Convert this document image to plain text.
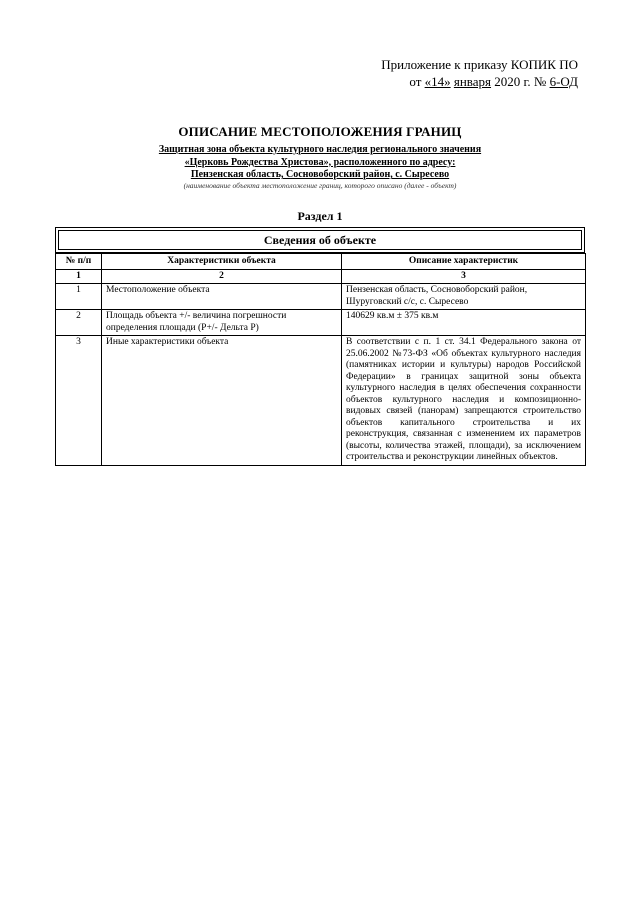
Приложение к приказу КОПИК ПО
от «14» января 2020 г. № 6-ОД
ОПИСАНИЕ МЕСТОПОЛОЖЕНИЯ ГРАНИЦ
Защитная зона объекта культурного наследия регионального значения
«Церковь Рождества Христова», расположенного по адресу:
Пензенская область, Сосновоборский район, с. Сыресево
(наименование объекта местоположение границ, которого описано (далее - объект)
Раздел 1
Сведения об объекте
№ п/п	Характеристики объекта	Описание характеристик
1	2	3
1	Местоположение объекта	Пензенская область, Сосновоборский район, Шуруговский с/с, с. Сыресево
2	Площадь объекта +/- величина погрешности определения площади (Р+/- Дельта Р)	140629 кв.м ± 375 кв.м
3	Иные характеристики объекта	В соответствии с п. 1 ст. 34.1 Федерального закона от 25.06.2002 №73-ФЗ «Об объектах культурного наследия (памятниках истории и культуры) народов Российской Федерации» в границах защитной зоны объекта культурного наследия в целях обеспечения сохранности объектов культурного наследия и композиционно-видовых связей (панорам) запрещаются строительство объектов капитального строительства и их реконструкция, связанная с изменением их параметров (высоты, количества этажей, площади), за исключением строительства и реконструкции линейных объектов.
